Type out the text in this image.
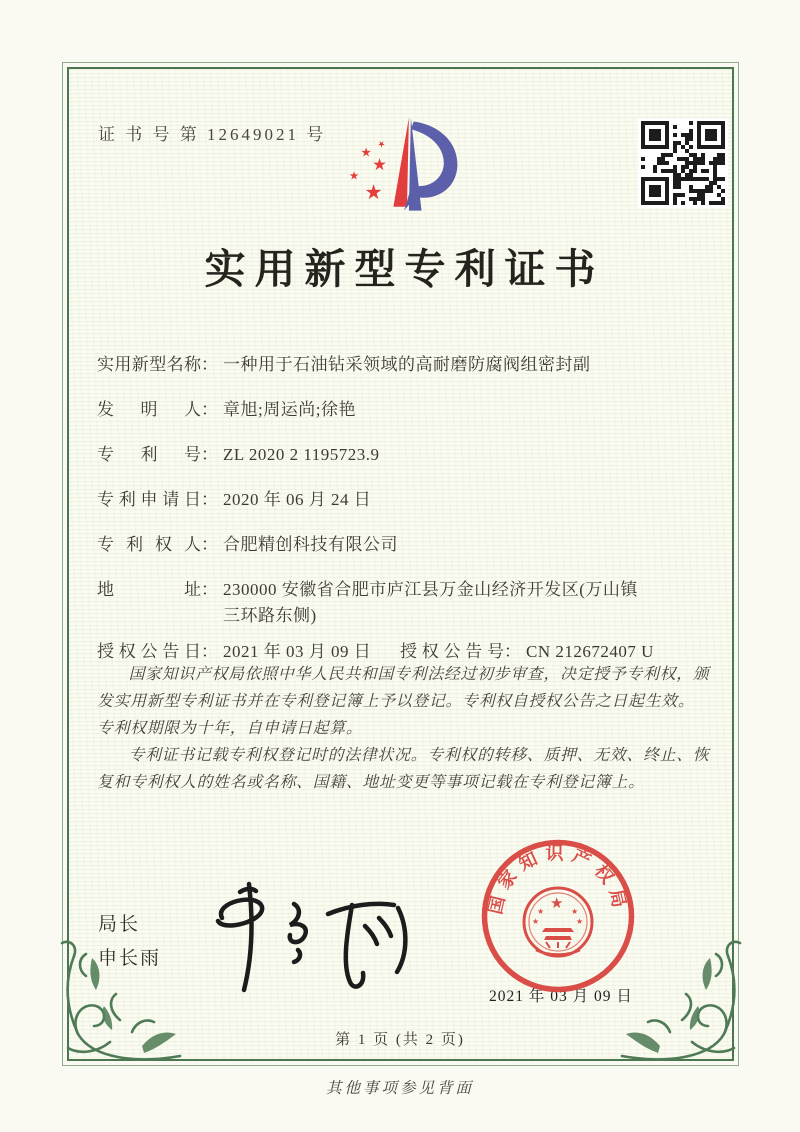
证 书 号 第 12649021 号	★
★
★
★
★
实用新型专利证书
实用新型名称 ： 一种用于石油钻采领域的高耐磨防腐阀组密封副
发明人 ： 章旭;周运尚;徐艳
专利号 ： ZL 2020 2 1195723.9
专利申请日 ： 2020 年 06 月 24 日
专利权人 ： 合肥精创科技有限公司
地址 ： 230000 安徽省合肥市庐江县万金山经济开发区(万山镇三环路东侧)
授权公告日 ： 2021 年 03 月 09 日 授权公告号 ： CN 212672407 U

国家知识产权局依照中华人民共和国专利法经过初步审查，决定授予专利权，颁发实用新型专利证书并在专利登记簿上予以登记。专利权自授权公告之日起生效。专利权期限为十年，自申请日起算。

专利证书记载专利权登记时的法律状况。专利权的转移、质押、无效、终止、恢复和专利权人的姓名或名称、国籍、地址变更等事项记载在专利登记簿上。

局长
申长雨
2021 年 03 月 09 日
国家知识产权局
★
★	★
★	★
第 1 页 (共 2 页)
其他事项参见背面
